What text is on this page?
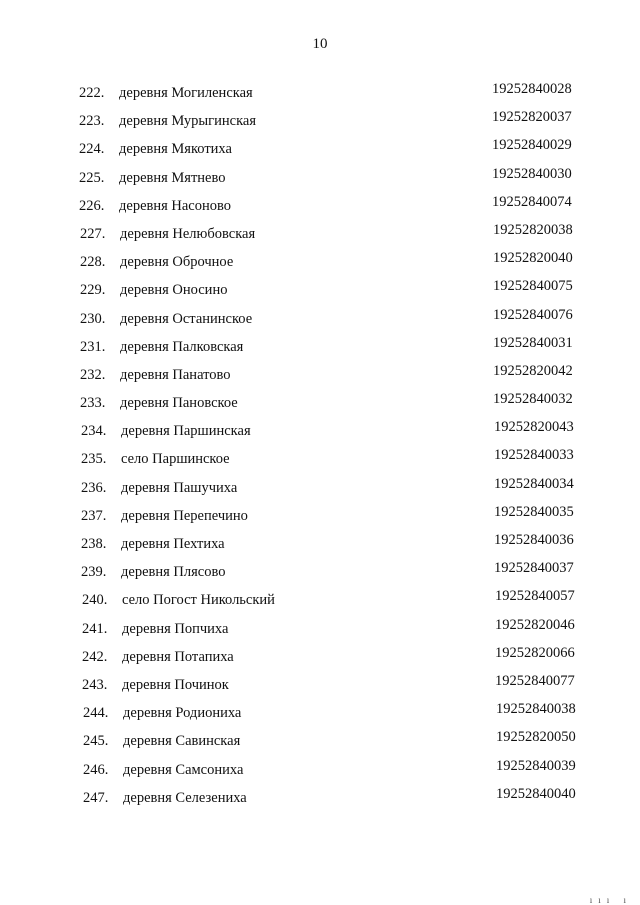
10
222. деревня Могиленская	19252840028
223. деревня Мурыгинская	19252820037
224. деревня Мякотиха	19252840029
225. деревня Мятнево	19252840030
226. деревня Насоново	19252840074
227. деревня Нелюбовская	19252820038
228. деревня Оброчное	19252820040
229. деревня Оносино	19252840075
230. деревня Останинское	19252840076
231. деревня Палковская	19252840031
232. деревня Панатово	19252820042
233. деревня Пановское	19252840032
234. деревня Паршинская	19252820043
235. село Паршинское	19252840033
236. деревня Пашучиха	19252840034
237. деревня Перепечино	19252840035
238. деревня Пехтиха	19252840036
239. деревня Плясово	19252840037
240. село Погост Никольский	19252840057
241. деревня Попчиха	19252820046
242. деревня Потапиха	19252820066
243. деревня Починок	19252840077
244. деревня Родиониха	19252840038
245. деревня Савинская	19252820050
246. деревня Самсониха	19252840039
247. деревня Селезениха	19252840040
ııı ı
